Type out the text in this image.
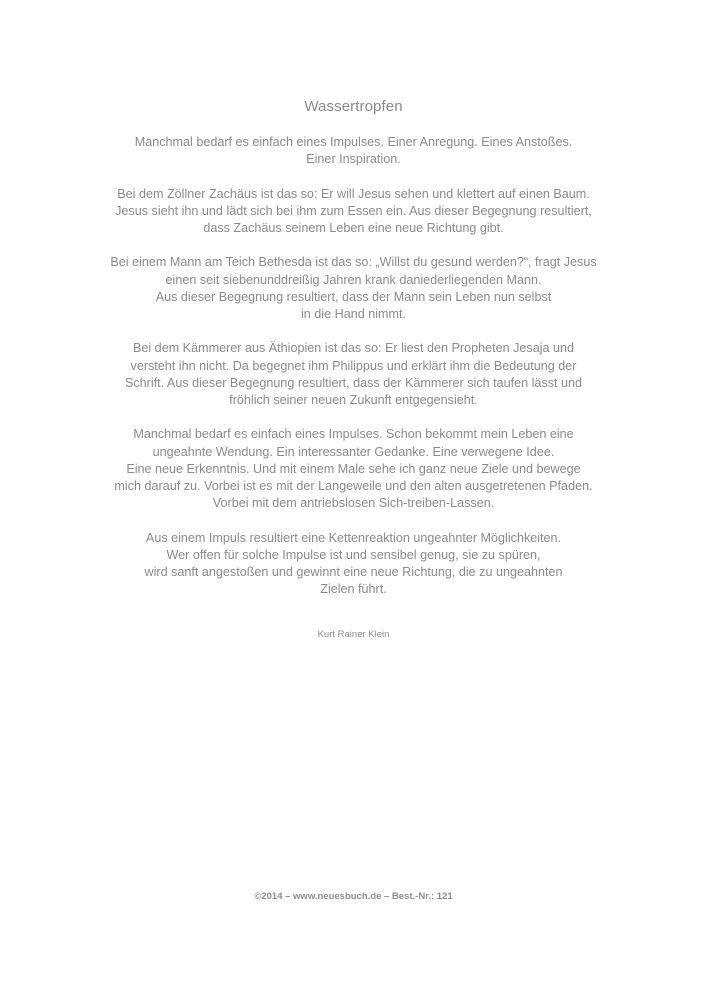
Wassertropfen
Manchmal bedarf es einfach eines Impulses. Einer Anregung. Eines Anstoßes.
Einer Inspiration.
Bei dem Zöllner Zachäus ist das so: Er will Jesus sehen und klettert auf einen Baum.
Jesus sieht ihn und lädt sich bei ihm zum Essen ein. Aus dieser Begegnung resultiert,
dass Zachäus seinem Leben eine neue Richtung gibt.
Bei einem Mann am Teich Bethesda ist das so: „Willst du gesund werden?“, fragt Jesus
einen seit siebenunddreißig Jahren krank daniederliegenden Mann.
Aus dieser Begegnung resultiert, dass der Mann sein Leben nun selbst
in die Hand nimmt.
Bei dem Kämmerer aus Äthiopien ist das so: Er liest den Propheten Jesaja und
versteht ihn nicht. Da begegnet ihm Philippus und erklärt ihm die Bedeutung der
Schrift. Aus dieser Begegnung resultiert, dass der Kämmerer sich taufen lässt und
fröhlich seiner neuen Zukunft entgegensieht.
Manchmal bedarf es einfach eines Impulses. Schon bekommt mein Leben eine
ungeahnte Wendung. Ein interessanter Gedanke. Eine verwegene Idee.
Eine neue Erkenntnis. Und mit einem Male sehe ich ganz neue Ziele und bewege
mich darauf zu. Vorbei ist es mit der Langeweile und den alten ausgetretenen Pfaden.
Vorbei mit dem antriebslosen Sich-treiben-Lassen.
Aus einem Impuls resultiert eine Kettenreaktion ungeahnter Möglichkeiten.
Wer offen für solche Impulse ist und sensibel genug, sie zu spüren,
wird sanft angestoßen und gewinnt eine neue Richtung, die zu ungeahnten
Zielen führt.
Kurt Rainer Klein
©2014 – www.neuesbuch.de – Best.-Nr.: 121
